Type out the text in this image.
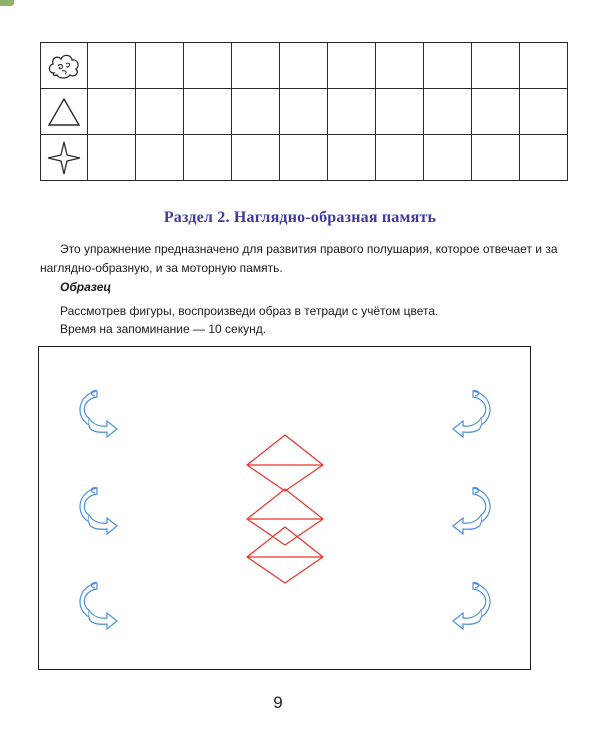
Раздел 2. Наглядно-образная память

Это упражнение предназначено для развития правого полушария, которое отвечает и за наглядно-образную, и за моторную память.

Образец
Рассмотрев фигуры, воспроизведи образ в тетради с учётом цвета.
Время на запоминание — 10 секунд.
9
